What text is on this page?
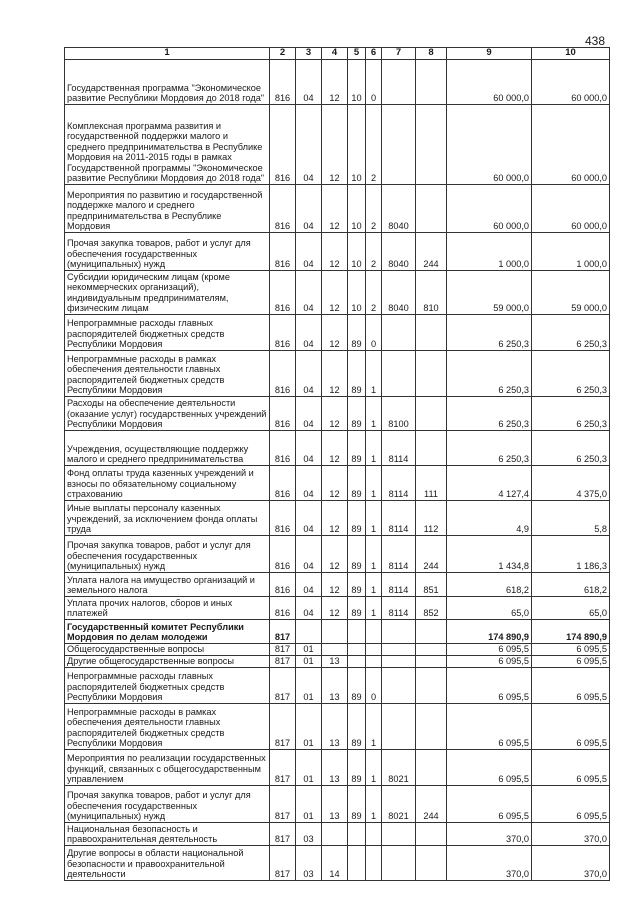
438
1	2	3	4	5	6	7	8	9	10
Государственная программа "Экономическое развитие Республики Мордовия до 2018 года"	816	04	12	10	0			60 000,0	60 000,0
Комплексная программа развития и государственной поддержки малого и среднего предпринимательства в Республике Мордовия на 2011-2015 годы в рамках Государственной программы "Экономическое развитие Республики Мордовия до 2018 года"	816	04	12	10	2			60 000,0	60 000,0
Мероприятия по развитию и государственной поддержке малого и среднего предпринимательства в Республике Мордовия	816	04	12	10	2	8040		60 000,0	60 000,0
Прочая закупка товаров, работ и услуг для обеспечения государственных (муниципальных) нужд	816	04	12	10	2	8040	244	1 000,0	1 000,0
Субсидии юридическим лицам (кроме некоммерческих организаций), индивидуальным предпринимателям, физическим лицам	816	04	12	10	2	8040	810	59 000,0	59 000,0
Непрограммные расходы главных распорядителей бюджетных средств Республики Мордовия	816	04	12	89	0			6 250,3	6 250,3
Непрограммные расходы в рамках обеспечения деятельности главных распорядителей бюджетных средств Республики Мордовия	816	04	12	89	1			6 250,3	6 250,3
Расходы на обеспечение деятельности (оказание услуг) государственных учреждений Республики Мордовия	816	04	12	89	1	8100		6 250,3	6 250,3
Учреждения, осуществляющие поддержку малого и среднего предпринимательства	816	04	12	89	1	8114		6 250,3	6 250,3
Фонд оплаты труда казенных учреждений и взносы по обязательному социальному страхованию	816	04	12	89	1	8114	111	4 127,4	4 375,0
Иные выплаты персоналу казенных учреждений, за исключением фонда оплаты труда	816	04	12	89	1	8114	112	4,9	5,8
Прочая закупка товаров, работ и услуг для обеспечения государственных (муниципальных) нужд	816	04	12	89	1	8114	244	1 434,8	1 186,3
Уплата налога на имущество организаций и земельного налога	816	04	12	89	1	8114	851	618,2	618,2
Уплата прочих налогов, сборов и иных платежей	816	04	12	89	1	8114	852	65,0	65,0
Государственный комитет Республики Мордовия по делам молодежи	817							174 890,9	174 890,9
Общегосударственные вопросы	817	01						6 095,5	6 095,5
Другие общегосударственные вопросы	817	01	13					6 095,5	6 095,5
Непрограммные расходы главных распорядителей бюджетных средств Республики Мордовия	817	01	13	89	0			6 095,5	6 095,5
Непрограммные расходы в рамках обеспечения деятельности главных распорядителей бюджетных средств Республики Мордовия	817	01	13	89	1			6 095,5	6 095,5
Мероприятия по реализации государственных функций, связанных с общегосударственным управлением	817	01	13	89	1	8021		6 095,5	6 095,5
Прочая закупка товаров, работ и услуг для обеспечения государственных (муниципальных) нужд	817	01	13	89	1	8021	244	6 095,5	6 095,5
Национальная безопасность и правоохранительная деятельность	817	03						370,0	370,0
Другие вопросы в области национальной безопасности и правоохранительной деятельности	817	03	14					370,0	370,0
